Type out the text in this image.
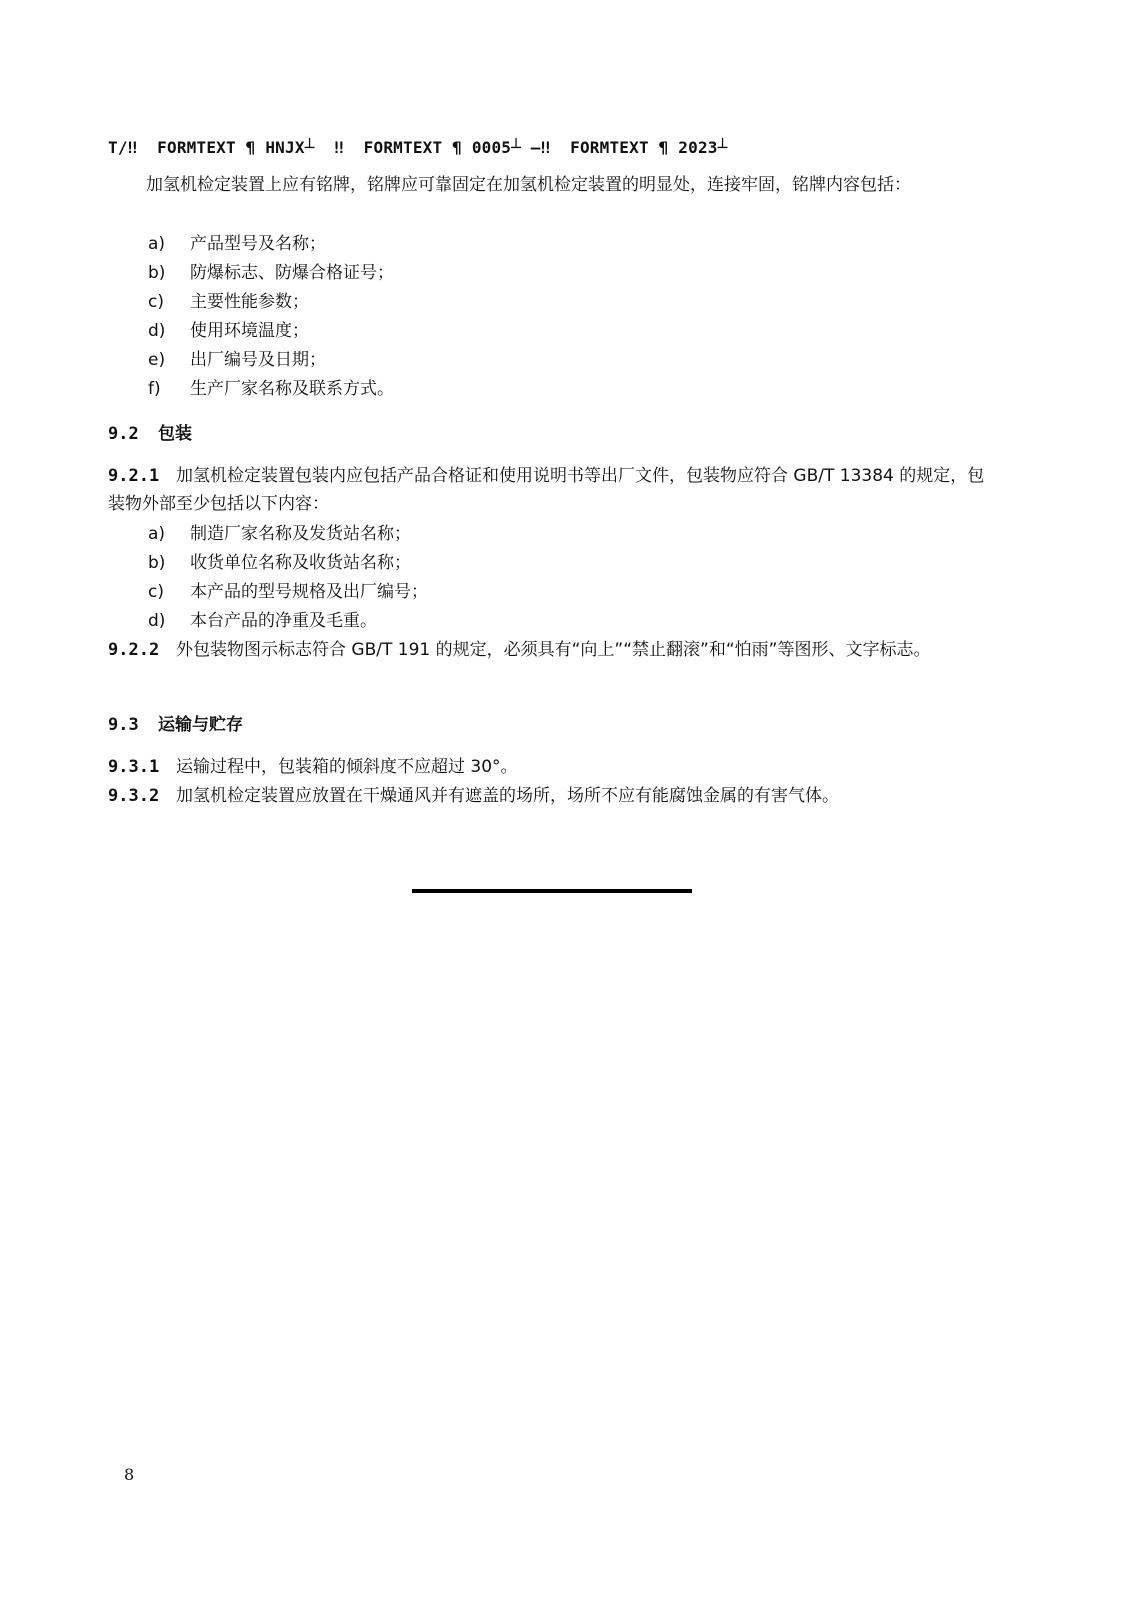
T/‼  FORMTEXT ¶ HNJX┴  ‼  FORMTEXT ¶ 0005┴ —‼  FORMTEXT ¶ 2023┴
加氢机检定装置上应有铭牌，铭牌应可靠固定在加氢机检定装置的明显处，连接牢固，铭牌内容包括：
a) 产品型号及名称；
b) 防爆标志、防爆合格证号；
c) 主要性能参数；
d) 使用环境温度；
e) 出厂编号及日期；
f) 生产厂家名称及联系方式。
9.2 包装
9.2.1 加氢机检定装置包装内应包括产品合格证和使用说明书等出厂文件，包装物应符合 GB/T 13384 的规定，包装物外部至少包括以下内容：
a) 制造厂家名称及发货站名称；
b) 收货单位名称及收货站名称；
c) 本产品的型号规格及出厂编号；
d) 本台产品的净重及毛重。
9.2.2 外包装物图示标志符合 GB/T 191 的规定，必须具有“向上”“禁止翻滚”和“怕雨”等图形、文字标志。
9.3 运输与贮存
9.3.1 运输过程中，包装箱的倾斜度不应超过 30°。
9.3.2 加氢机检定装置应放置在干燥通风并有遮盖的场所，场所不应有能腐蚀金属的有害气体。
8
